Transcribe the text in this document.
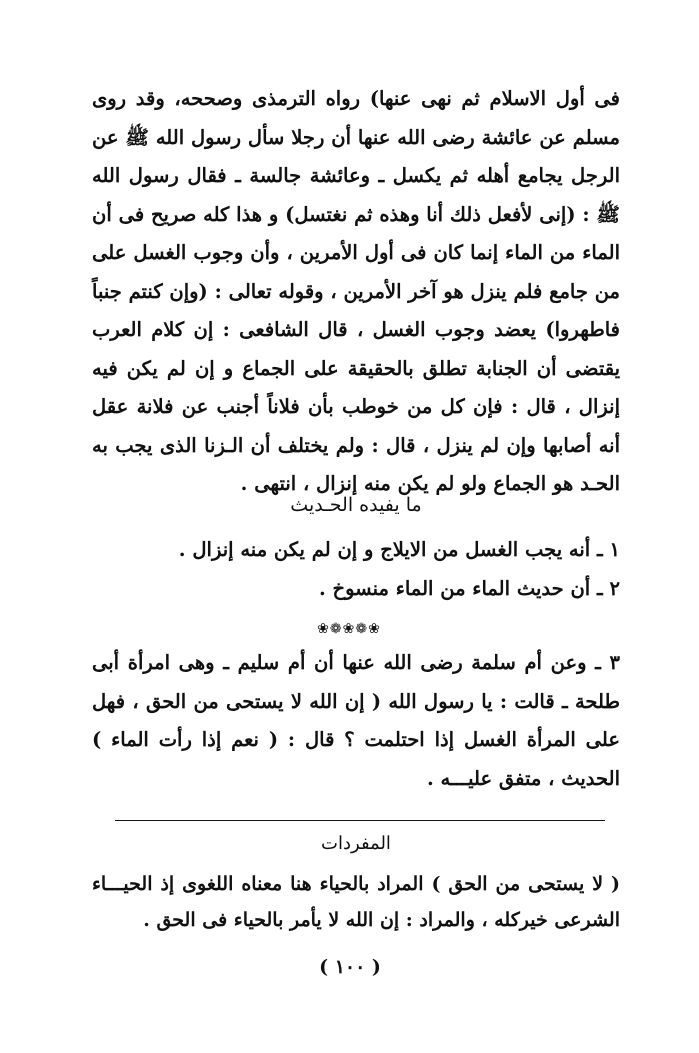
فى أول الاسلام ثم نهى عنها) رواه الترمذى وصححه، وقد روى مسلم عن عائشة رضى الله عنها أن رجلا سأل رسول الله ﷺ عن الرجل يجامع أهله ثم يكسل ـ وعائشة جالسة ـ فقال رسول الله ﷺ : (إنى لأفعل ذلك أنا وهذه ثم نغتسل) و هذا كله صريح فى أن الماء من الماء إنما كان فى أول الأمرين ، وأن وجوب الغسل على من جامع فلم ينزل هو آخر الأمرين ، وقوله تعالى : (وإن كنتم جنباً فاطهروا) يعضد وجوب الغسل ، قال الشافعى : إن كلام العرب يقتضى أن الجنابة تطلق بالحقيقة على الجماع و إن لم يكن فيه إنزال ، قال : فإن كل من خوطب بأن فلاناً أجنب عن فلانة عقل أنه أصابها وإن لم ينزل ، قال : ولم يختلف أن الـزنا الذى يجب به الحـد هو الجماع ولو لم يكن منه إنزال ، انتهى .
ما يفيده الحـديث
١ ـ أنه يجب الغسل من الايلاج و إن لم يكن منه إنزال .
٢ ـ أن حديث الماء من الماء منسوخ .
❀❁❀❁❀
٣ ـ وعن أم سلمة رضى الله عنها أن أم سليم ـ وهى امرأة أبى طلحة ـ قالت : يا رسول الله ( إن الله لا يستحى من الحق ، فهل على المرأة الغسل إذا احتلمت ؟ قال : ( نعم إذا رأت الماء ) الحديث ، متفق عليـــه .
المفردات
( لا يستحى من الحق ) المراد بالحياء هنا معناه اللغوى إذ الحيـــاء الشرعى خيركله ، والمراد : إن الله لا يأمر بالحياء فى الحق .
( ١٠٠ )
